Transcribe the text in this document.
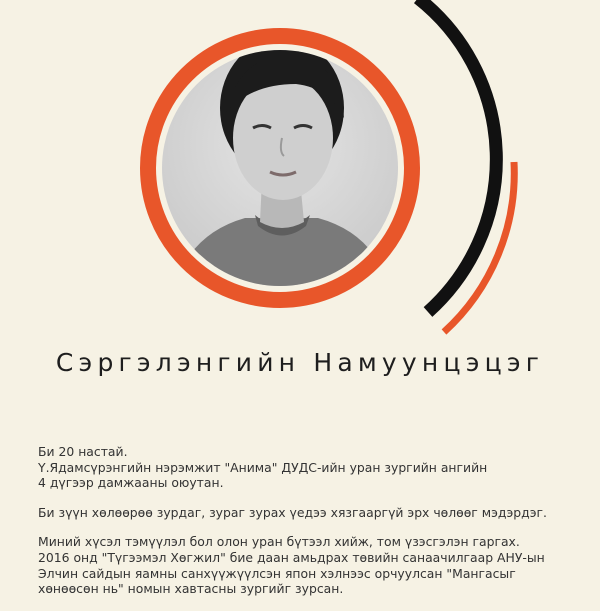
Сэргэлэнгийн Намуунцэцэг

Би 20 настай.
Ү.Ядамсүрэнгийн нэрэмжит "Анима" ДУДС-ийн уран зургийн ангийн
4 дүгээр дамжааны оюутан.

Би зүүн хөлөөрөө зурдаг, зураг зурах үедээ хязгааргүй эрх чөлөөг мэдэрдэг.

Миний хүсэл тэмүүлэл бол олон уран бүтээл хийж, том үзэсгэлэн гаргах.
2016 онд "Түгээмэл Хөгжил" бие даан амьдрах төвийн санаачилгаар АНУ-ын
Элчин сайдын яамны санхүүжүүлсэн япон хэлнээс орчуулсан "Мангасыг
хөнөөсөн нь" номын хавтасны зургийг зурсан.
